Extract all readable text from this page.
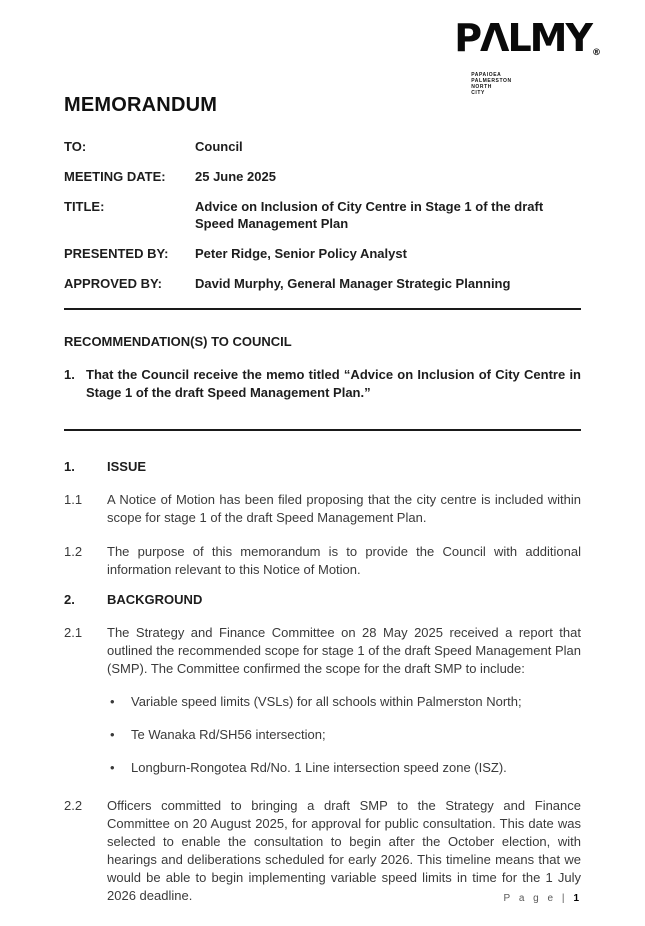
PΛLMY®
PAPAIOEA
PALMERSTON
NORTH
CITY
MEMORANDUM
TO:	Council
MEETING DATE:	25 June 2025
TITLE:	Advice on Inclusion of City Centre in Stage 1 of the draft Speed Management Plan
PRESENTED BY:	Peter Ridge, Senior Policy Analyst
APPROVED BY:	David Murphy, General Manager Strategic Planning
RECOMMENDATION(S) TO COUNCIL
1. That the Council receive the memo titled “Advice on Inclusion of City Centre in Stage 1 of the draft Speed Management Plan.”
1.	ISSUE
1.1	A Notice of Motion has been filed proposing that the city centre is included within scope for stage 1 of the draft Speed Management Plan.
1.2	The purpose of this memorandum is to provide the Council with additional information relevant to this Notice of Motion.
2.	BACKGROUND
2.1	The Strategy and Finance Committee on 28 May 2025 received a report that outlined the recommended scope for stage 1 of the draft Speed Management Plan (SMP). The Committee confirmed the scope for the draft SMP to include:
•	Variable speed limits (VSLs) for all schools within Palmerston North;
•	Te Wanaka Rd/SH56 intersection;
•	Longburn-Rongotea Rd/No. 1 Line intersection speed zone (ISZ).
2.2	Officers committed to bringing a draft SMP to the Strategy and Finance Committee on 20 August 2025, for approval for public consultation. This date was selected to enable the consultation to begin after the October election, with hearings and deliberations scheduled for early 2026. This timeline means that we would be able to begin implementing variable speed limits in time for the 1 July 2026 deadline.	P a g e | 1
